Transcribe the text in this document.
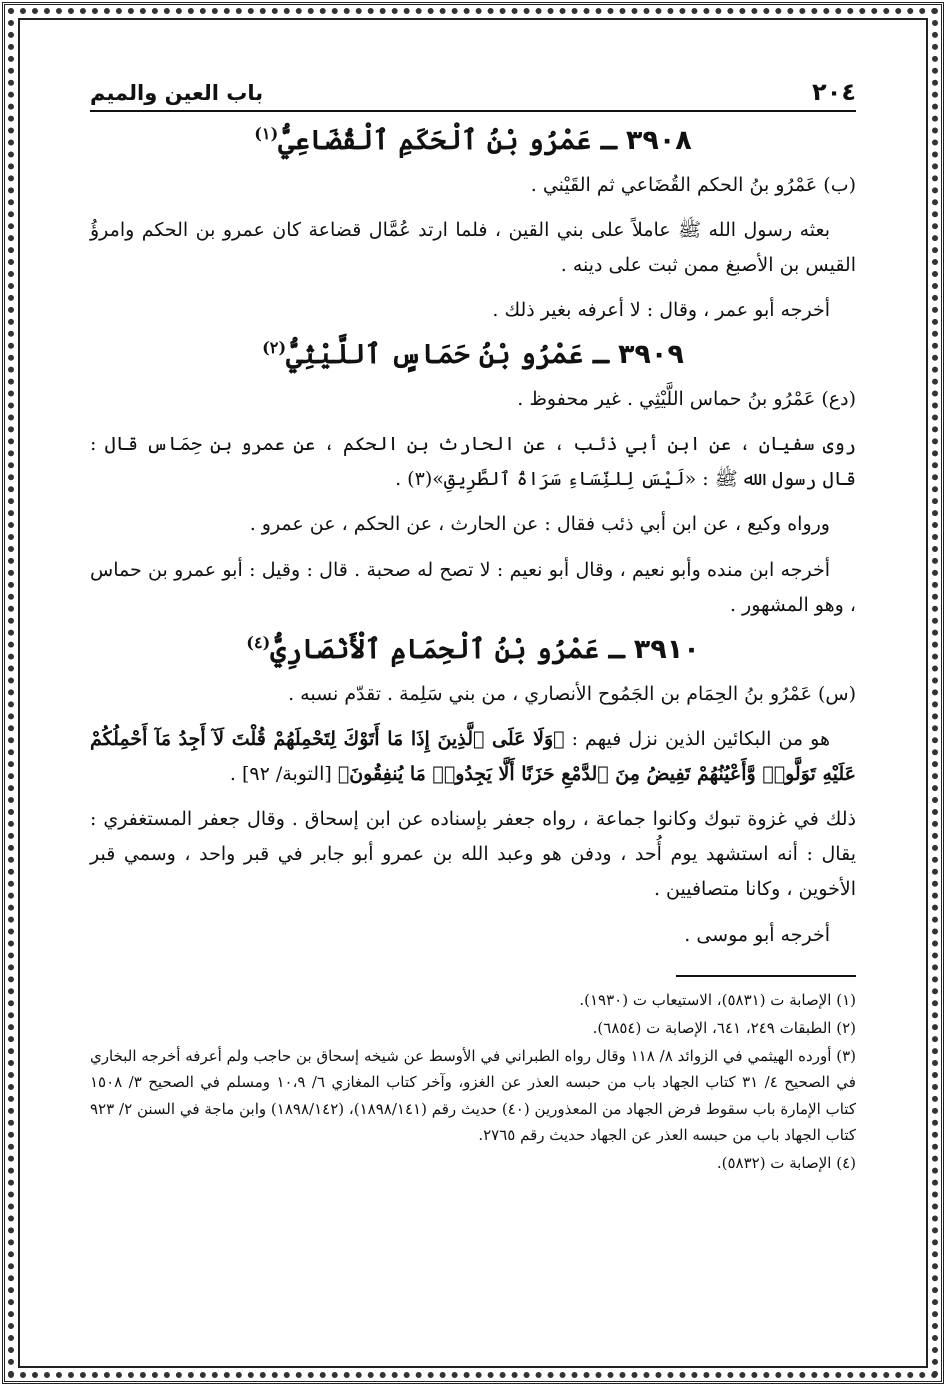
٢٠٤
باب العين والميم
٣٩٠٨ ـ عَمْرُو بْنُ ٱلْحَكَمِ ٱلْقُضَاعِيُّ$^{(١)}$

(ب) عَمْرُو بنُ الحكم القُضَاعي ثم القَيْني .

بعثه رسول الله ﷺ عاملاً على بني القين ، فلما ارتد عُمَّال قضاعة كان عمرو بن الحكم وامرؤُ القيس بن الأصبغ ممن ثبت على دينه .

أخرجه أبو عمر ، وقال : لا أعرفه بغير ذلك .

٣٩٠٩ ـ عَمْرُو بْنُ حَمَاسٍ ٱللَّيْثِيُّ$^{(٢)}$

(دع) عَمْرُو بنُ حماس اللَّيْثِي . غير محفوظ .

روى سفيان ، عن ابن أبي ذئب ، عن الحارث بن الحكم ، عن عمرو بن حِمَاس قال : قال رسول الله ﷺ : «لَيْسَ لِلنِّسَاءِ سَرَاةُ ٱلطَّرِيقِ»(٣) .

ورواه وكيع ، عن ابن أبي ذئب فقال : عن الحارث ، عن الحكم ، عن عمرو .

أخرجه ابن منده وأبو نعيم ، وقال أبو نعيم : لا تصح له صحبة . قال : وقيل : أبو عمرو بن حماس ، وهو المشهور .

٣٩١٠ ـ عَمْرُو بْنُ ٱلْحِمَامِ ٱلْأَنْصَارِيُّ$^{(٤)}$

(س) عَمْرُو بنُ الحِمَام بن الجَمُوح الأنصاري ، من بني سَلِمة . تقدّم نسبه .

هو من البكائين الذين نزل فيهم : ﴿وَلَا عَلَى ٱلَّذِينَ إِذَا مَا أَتَوْكَ لِتَحْمِلَهُمْ قُلْتَ لَآ أَجِدُ مَآ أَحْمِلُكُمْ عَلَيْهِ تَوَلَّوا۟ وَّأَعْيُنُهُمْ تَفِيضُ مِنَ ٱلدَّمْعِ حَزَنًا أَلَّا يَجِدُوا۟ مَا يُنفِقُونَ﴾ [التوبة/ ٩٢] .

ذلك في غزوة تبوك وكانوا جماعة ، رواه جعفر بإسناده عن ابن إسحاق . وقال جعفر المستغفري : يقال : أنه استشهد يوم أُحد ، ودفن هو وعبد الله بن عمرو أبو جابر في قبر واحد ، وسمي قبر الأخوين ، وكانا متصافيين .

أخرجه أبو موسى .

(١) الإصابة ت (٥٨٣١)، الاستيعاب ت (١٩٣٠).

(٢) الطبقات ٢٤٩، ٦٤١، الإصابة ت (٦٨٥٤).

(٣) أورده الهيثمي في الزوائد ٨/ ١١٨ وقال رواه الطبراني في الأوسط عن شيخه إسحاق بن حاجب ولم أعرفه أخرجه البخاري في الصحيح ٤/ ٣١ كتاب الجهاد باب من حبسه العذر عن الغزو، وآخر كتاب المغازي ٦/ ١٠،٩ ومسلم في الصحيح ٣/ ١٥٠٨ كتاب الإمارة باب سقوط فرض الجهاد من المعذورين (٤٠) حديث رقم (١٨٩٨/١٤١)، (١٨٩٨/١٤٢) وابن ماجة في السنن ٢/ ٩٢٣ كتاب الجهاد باب من حبسه العذر عن الجهاد حديث رقم ٢٧٦٥.

(٤) الإصابة ت (٥٨٣٢).
